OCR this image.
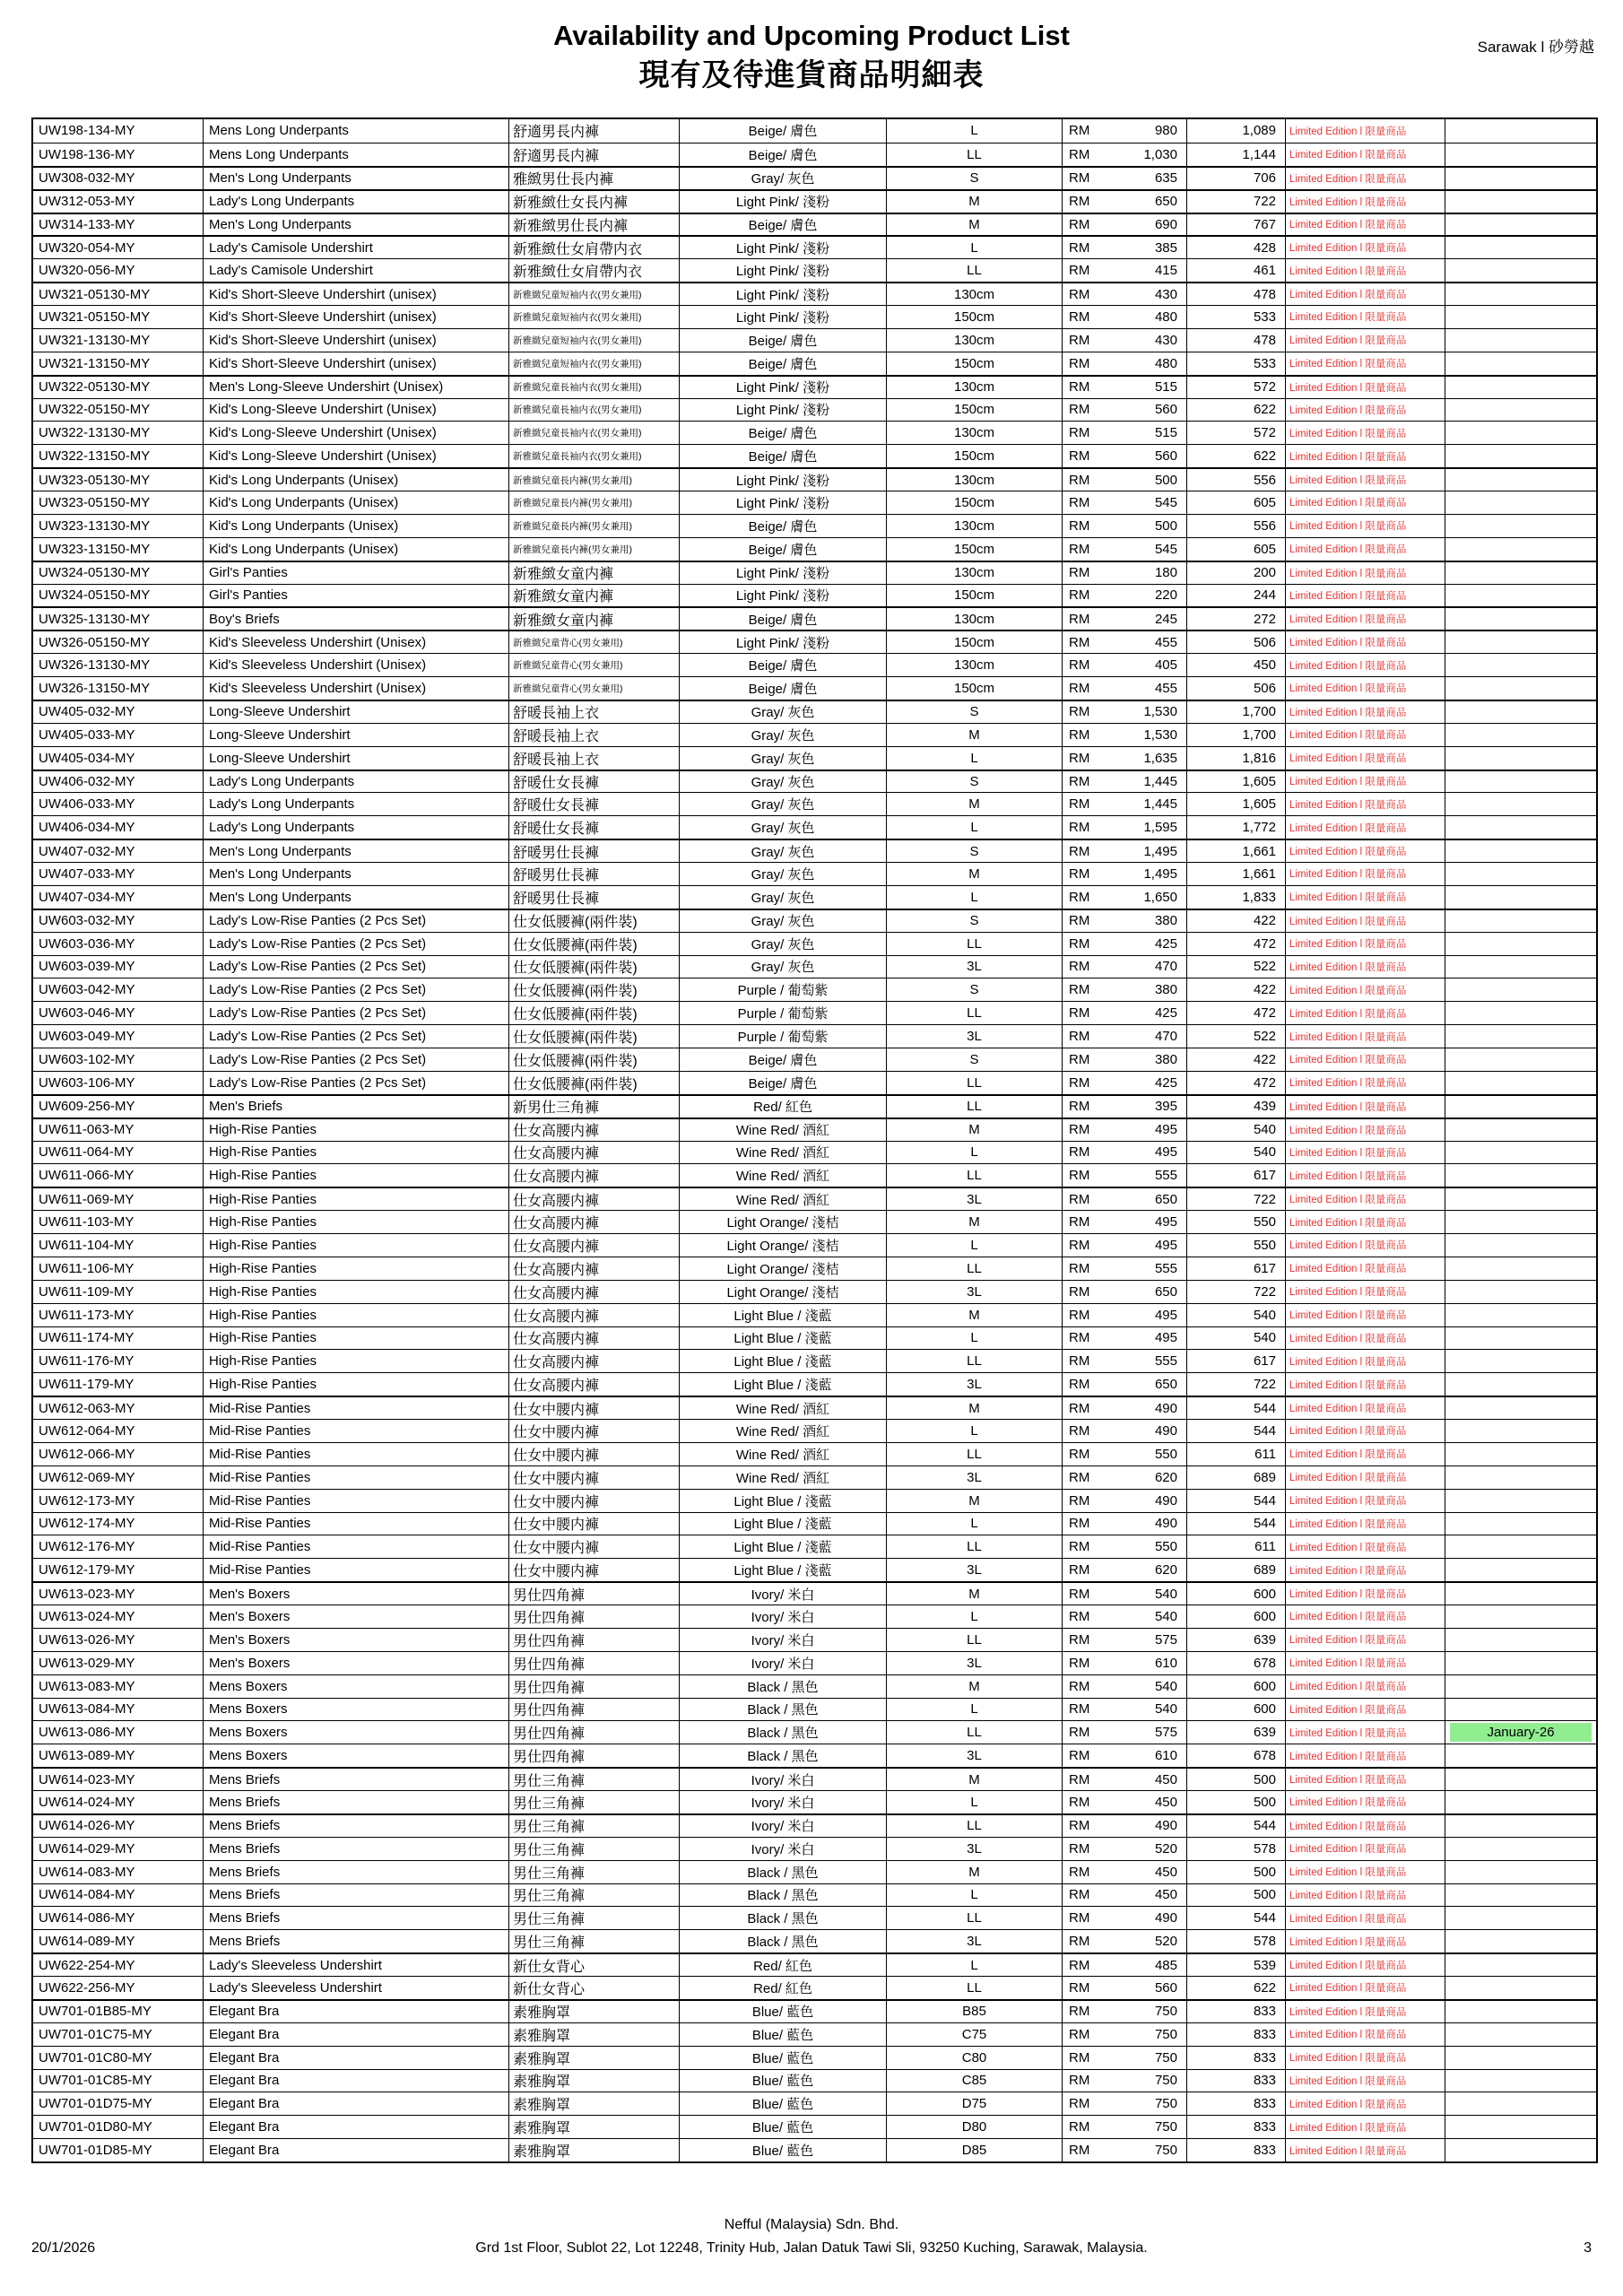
Sarawak l 砂勞越
Availability and Upcoming Product List
現有及待進貨商品明細表
UW198-134-MY	Mens Long Underpants	舒適男長内褲	Beige/ 膚色	L	RM	980	1,089	Limited Edition l 限量商品
UW198-136-MY	Mens Long Underpants	舒適男長内褲	Beige/ 膚色	LL	RM	1,030	1,144	Limited Edition l 限量商品
UW308-032-MY	Men's Long Underpants	雅緻男仕長内褲	Gray/ 灰色	S	RM	635	706	Limited Edition l 限量商品
UW312-053-MY	Lady's Long Underpants	新雅緻仕女長内褲	Light Pink/ 淺粉	M	RM	650	722	Limited Edition l 限量商品
UW314-133-MY	Men's Long Underpants	新雅緻男仕長内褲	Beige/ 膚色	M	RM	690	767	Limited Edition l 限量商品
UW320-054-MY	Lady's Camisole Undershirt	新雅緻仕女肩帶内衣	Light Pink/ 淺粉	L	RM	385	428	Limited Edition l 限量商品
UW320-056-MY	Lady's Camisole Undershirt	新雅緻仕女肩帶内衣	Light Pink/ 淺粉	LL	RM	415	461	Limited Edition l 限量商品
UW321-05130-MY	Kid's Short-Sleeve Undershirt (unisex)	新雅緻兒童短袖内衣(男女兼用)	Light Pink/ 淺粉	130cm	RM	430	478	Limited Edition l 限量商品
UW321-05150-MY	Kid's Short-Sleeve Undershirt (unisex)	新雅緻兒童短袖内衣(男女兼用)	Light Pink/ 淺粉	150cm	RM	480	533	Limited Edition l 限量商品
UW321-13130-MY	Kid's Short-Sleeve Undershirt (unisex)	新雅緻兒童短袖内衣(男女兼用)	Beige/ 膚色	130cm	RM	430	478	Limited Edition l 限量商品
UW321-13150-MY	Kid's Short-Sleeve Undershirt (unisex)	新雅緻兒童短袖内衣(男女兼用)	Beige/ 膚色	150cm	RM	480	533	Limited Edition l 限量商品
UW322-05130-MY	Men's Long-Sleeve Undershirt (Unisex)	新雅緻兒童長袖内衣(男女兼用)	Light Pink/ 淺粉	130cm	RM	515	572	Limited Edition l 限量商品
UW322-05150-MY	Kid's Long-Sleeve Undershirt (Unisex)	新雅緻兒童長袖内衣(男女兼用)	Light Pink/ 淺粉	150cm	RM	560	622	Limited Edition l 限量商品
UW322-13130-MY	Kid's Long-Sleeve Undershirt (Unisex)	新雅緻兒童長袖内衣(男女兼用)	Beige/ 膚色	130cm	RM	515	572	Limited Edition l 限量商品
UW322-13150-MY	Kid's Long-Sleeve Undershirt (Unisex)	新雅緻兒童長袖内衣(男女兼用)	Beige/ 膚色	150cm	RM	560	622	Limited Edition l 限量商品
UW323-05130-MY	Kid's Long Underpants (Unisex)	新雅緻兒童長内褲(男女兼用)	Light Pink/ 淺粉	130cm	RM	500	556	Limited Edition l 限量商品
UW323-05150-MY	Kid's Long Underpants (Unisex)	新雅緻兒童長内褲(男女兼用)	Light Pink/ 淺粉	150cm	RM	545	605	Limited Edition l 限量商品
UW323-13130-MY	Kid's Long Underpants (Unisex)	新雅緻兒童長内褲(男女兼用)	Beige/ 膚色	130cm	RM	500	556	Limited Edition l 限量商品
UW323-13150-MY	Kid's Long Underpants (Unisex)	新雅緻兒童長内褲(男女兼用)	Beige/ 膚色	150cm	RM	545	605	Limited Edition l 限量商品
UW324-05130-MY	Girl's Panties	新雅緻女童内褲	Light Pink/ 淺粉	130cm	RM	180	200	Limited Edition l 限量商品
UW324-05150-MY	Girl's Panties	新雅緻女童内褲	Light Pink/ 淺粉	150cm	RM	220	244	Limited Edition l 限量商品
UW325-13130-MY	Boy's Briefs	新雅緻女童内褲	Beige/ 膚色	130cm	RM	245	272	Limited Edition l 限量商品
UW326-05150-MY	Kid's Sleeveless Undershirt (Unisex)	新雅緻兒童背心(男女兼用)	Light Pink/ 淺粉	150cm	RM	455	506	Limited Edition l 限量商品
UW326-13130-MY	Kid's Sleeveless Undershirt (Unisex)	新雅緻兒童背心(男女兼用)	Beige/ 膚色	130cm	RM	405	450	Limited Edition l 限量商品
UW326-13150-MY	Kid's Sleeveless Undershirt (Unisex)	新雅緻兒童背心(男女兼用)	Beige/ 膚色	150cm	RM	455	506	Limited Edition l 限量商品
UW405-032-MY	Long-Sleeve Undershirt	舒暖長袖上衣	Gray/ 灰色	S	RM	1,530	1,700	Limited Edition l 限量商品
UW405-033-MY	Long-Sleeve Undershirt	舒暖長袖上衣	Gray/ 灰色	M	RM	1,530	1,700	Limited Edition l 限量商品
UW405-034-MY	Long-Sleeve Undershirt	舒暖長袖上衣	Gray/ 灰色	L	RM	1,635	1,816	Limited Edition l 限量商品
UW406-032-MY	Lady's Long Underpants	舒暖仕女長褲	Gray/ 灰色	S	RM	1,445	1,605	Limited Edition l 限量商品
UW406-033-MY	Lady's Long Underpants	舒暖仕女長褲	Gray/ 灰色	M	RM	1,445	1,605	Limited Edition l 限量商品
UW406-034-MY	Lady's Long Underpants	舒暖仕女長褲	Gray/ 灰色	L	RM	1,595	1,772	Limited Edition l 限量商品
UW407-032-MY	Men's Long Underpants	舒暖男仕長褲	Gray/ 灰色	S	RM	1,495	1,661	Limited Edition l 限量商品
UW407-033-MY	Men's Long Underpants	舒暖男仕長褲	Gray/ 灰色	M	RM	1,495	1,661	Limited Edition l 限量商品
UW407-034-MY	Men's Long Underpants	舒暖男仕長褲	Gray/ 灰色	L	RM	1,650	1,833	Limited Edition l 限量商品
UW603-032-MY	Lady's Low-Rise Panties (2 Pcs Set)	仕女低腰褲(兩件裝)	Gray/ 灰色	S	RM	380	422	Limited Edition l 限量商品
UW603-036-MY	Lady's Low-Rise Panties (2 Pcs Set)	仕女低腰褲(兩件裝)	Gray/ 灰色	LL	RM	425	472	Limited Edition l 限量商品
UW603-039-MY	Lady's Low-Rise Panties (2 Pcs Set)	仕女低腰褲(兩件裝)	Gray/ 灰色	3L	RM	470	522	Limited Edition l 限量商品
UW603-042-MY	Lady's Low-Rise Panties (2 Pcs Set)	仕女低腰褲(兩件裝)	Purple / 葡萄紫	S	RM	380	422	Limited Edition l 限量商品
UW603-046-MY	Lady's Low-Rise Panties (2 Pcs Set)	仕女低腰褲(兩件裝)	Purple / 葡萄紫	LL	RM	425	472	Limited Edition l 限量商品
UW603-049-MY	Lady's Low-Rise Panties (2 Pcs Set)	仕女低腰褲(兩件裝)	Purple / 葡萄紫	3L	RM	470	522	Limited Edition l 限量商品
UW603-102-MY	Lady's Low-Rise Panties (2 Pcs Set)	仕女低腰褲(兩件裝)	Beige/ 膚色	S	RM	380	422	Limited Edition l 限量商品
UW603-106-MY	Lady's Low-Rise Panties (2 Pcs Set)	仕女低腰褲(兩件裝)	Beige/ 膚色	LL	RM	425	472	Limited Edition l 限量商品
UW609-256-MY	Men's Briefs	新男仕三角褲	Red/ 紅色	LL	RM	395	439	Limited Edition l 限量商品
UW611-063-MY	High-Rise Panties	仕女高腰内褲	Wine Red/ 酒紅	M	RM	495	540	Limited Edition l 限量商品
UW611-064-MY	High-Rise Panties	仕女高腰内褲	Wine Red/ 酒紅	L	RM	495	540	Limited Edition l 限量商品
UW611-066-MY	High-Rise Panties	仕女高腰内褲	Wine Red/ 酒紅	LL	RM	555	617	Limited Edition l 限量商品
UW611-069-MY	High-Rise Panties	仕女高腰内褲	Wine Red/ 酒紅	3L	RM	650	722	Limited Edition l 限量商品
UW611-103-MY	High-Rise Panties	仕女高腰内褲	Light Orange/ 淺桔	M	RM	495	550	Limited Edition l 限量商品
UW611-104-MY	High-Rise Panties	仕女高腰内褲	Light Orange/ 淺桔	L	RM	495	550	Limited Edition l 限量商品
UW611-106-MY	High-Rise Panties	仕女高腰内褲	Light Orange/ 淺桔	LL	RM	555	617	Limited Edition l 限量商品
UW611-109-MY	High-Rise Panties	仕女高腰内褲	Light Orange/ 淺桔	3L	RM	650	722	Limited Edition l 限量商品
UW611-173-MY	High-Rise Panties	仕女高腰内褲	Light Blue / 淺藍	M	RM	495	540	Limited Edition l 限量商品
UW611-174-MY	High-Rise Panties	仕女高腰内褲	Light Blue / 淺藍	L	RM	495	540	Limited Edition l 限量商品
UW611-176-MY	High-Rise Panties	仕女高腰内褲	Light Blue / 淺藍	LL	RM	555	617	Limited Edition l 限量商品
UW611-179-MY	High-Rise Panties	仕女高腰内褲	Light Blue / 淺藍	3L	RM	650	722	Limited Edition l 限量商品
UW612-063-MY	Mid-Rise Panties	仕女中腰内褲	Wine Red/ 酒紅	M	RM	490	544	Limited Edition l 限量商品
UW612-064-MY	Mid-Rise Panties	仕女中腰内褲	Wine Red/ 酒紅	L	RM	490	544	Limited Edition l 限量商品
UW612-066-MY	Mid-Rise Panties	仕女中腰内褲	Wine Red/ 酒紅	LL	RM	550	611	Limited Edition l 限量商品
UW612-069-MY	Mid-Rise Panties	仕女中腰内褲	Wine Red/ 酒紅	3L	RM	620	689	Limited Edition l 限量商品
UW612-173-MY	Mid-Rise Panties	仕女中腰内褲	Light Blue / 淺藍	M	RM	490	544	Limited Edition l 限量商品
UW612-174-MY	Mid-Rise Panties	仕女中腰内褲	Light Blue / 淺藍	L	RM	490	544	Limited Edition l 限量商品
UW612-176-MY	Mid-Rise Panties	仕女中腰内褲	Light Blue / 淺藍	LL	RM	550	611	Limited Edition l 限量商品
UW612-179-MY	Mid-Rise Panties	仕女中腰内褲	Light Blue / 淺藍	3L	RM	620	689	Limited Edition l 限量商品
UW613-023-MY	Men's Boxers	男仕四角褲	Ivory/ 米白	M	RM	540	600	Limited Edition l 限量商品
UW613-024-MY	Men's Boxers	男仕四角褲	Ivory/ 米白	L	RM	540	600	Limited Edition l 限量商品
UW613-026-MY	Men's Boxers	男仕四角褲	Ivory/ 米白	LL	RM	575	639	Limited Edition l 限量商品
UW613-029-MY	Men's Boxers	男仕四角褲	Ivory/ 米白	3L	RM	610	678	Limited Edition l 限量商品
UW613-083-MY	Mens Boxers	男仕四角褲	Black / 黑色	M	RM	540	600	Limited Edition l 限量商品
UW613-084-MY	Mens Boxers	男仕四角褲	Black / 黑色	L	RM	540	600	Limited Edition l 限量商品
UW613-086-MY	Mens Boxers	男仕四角褲	Black / 黑色	LL	RM	575	639	Limited Edition l 限量商品	January-26
UW613-089-MY	Mens Boxers	男仕四角褲	Black / 黑色	3L	RM	610	678	Limited Edition l 限量商品
UW614-023-MY	Mens Briefs	男仕三角褲	Ivory/ 米白	M	RM	450	500	Limited Edition l 限量商品
UW614-024-MY	Mens Briefs	男仕三角褲	Ivory/ 米白	L	RM	450	500	Limited Edition l 限量商品
UW614-026-MY	Mens Briefs	男仕三角褲	Ivory/ 米白	LL	RM	490	544	Limited Edition l 限量商品
UW614-029-MY	Mens Briefs	男仕三角褲	Ivory/ 米白	3L	RM	520	578	Limited Edition l 限量商品
UW614-083-MY	Mens Briefs	男仕三角褲	Black / 黑色	M	RM	450	500	Limited Edition l 限量商品
UW614-084-MY	Mens Briefs	男仕三角褲	Black / 黑色	L	RM	450	500	Limited Edition l 限量商品
UW614-086-MY	Mens Briefs	男仕三角褲	Black / 黑色	LL	RM	490	544	Limited Edition l 限量商品
UW614-089-MY	Mens Briefs	男仕三角褲	Black / 黑色	3L	RM	520	578	Limited Edition l 限量商品
UW622-254-MY	Lady's Sleeveless Undershirt	新仕女背心	Red/ 紅色	L	RM	485	539	Limited Edition l 限量商品
UW622-256-MY	Lady's Sleeveless Undershirt	新仕女背心	Red/ 紅色	LL	RM	560	622	Limited Edition l 限量商品
UW701-01B85-MY	Elegant Bra	素雅胸罩	Blue/ 藍色	B85	RM	750	833	Limited Edition l 限量商品
UW701-01C75-MY	Elegant Bra	素雅胸罩	Blue/ 藍色	C75	RM	750	833	Limited Edition l 限量商品
UW701-01C80-MY	Elegant Bra	素雅胸罩	Blue/ 藍色	C80	RM	750	833	Limited Edition l 限量商品
UW701-01C85-MY	Elegant Bra	素雅胸罩	Blue/ 藍色	C85	RM	750	833	Limited Edition l 限量商品
UW701-01D75-MY	Elegant Bra	素雅胸罩	Blue/ 藍色	D75	RM	750	833	Limited Edition l 限量商品
UW701-01D80-MY	Elegant Bra	素雅胸罩	Blue/ 藍色	D80	RM	750	833	Limited Edition l 限量商品
UW701-01D85-MY	Elegant Bra	素雅胸罩	Blue/ 藍色	D85	RM	750	833	Limited Edition l 限量商品
Nefful (Malaysia) Sdn. Bhd.
Grd 1st Floor, Sublot 22, Lot 12248, Trinity Hub, Jalan Datuk Tawi Sli, 93250 Kuching, Sarawak, Malaysia.
20/1/2026	3
